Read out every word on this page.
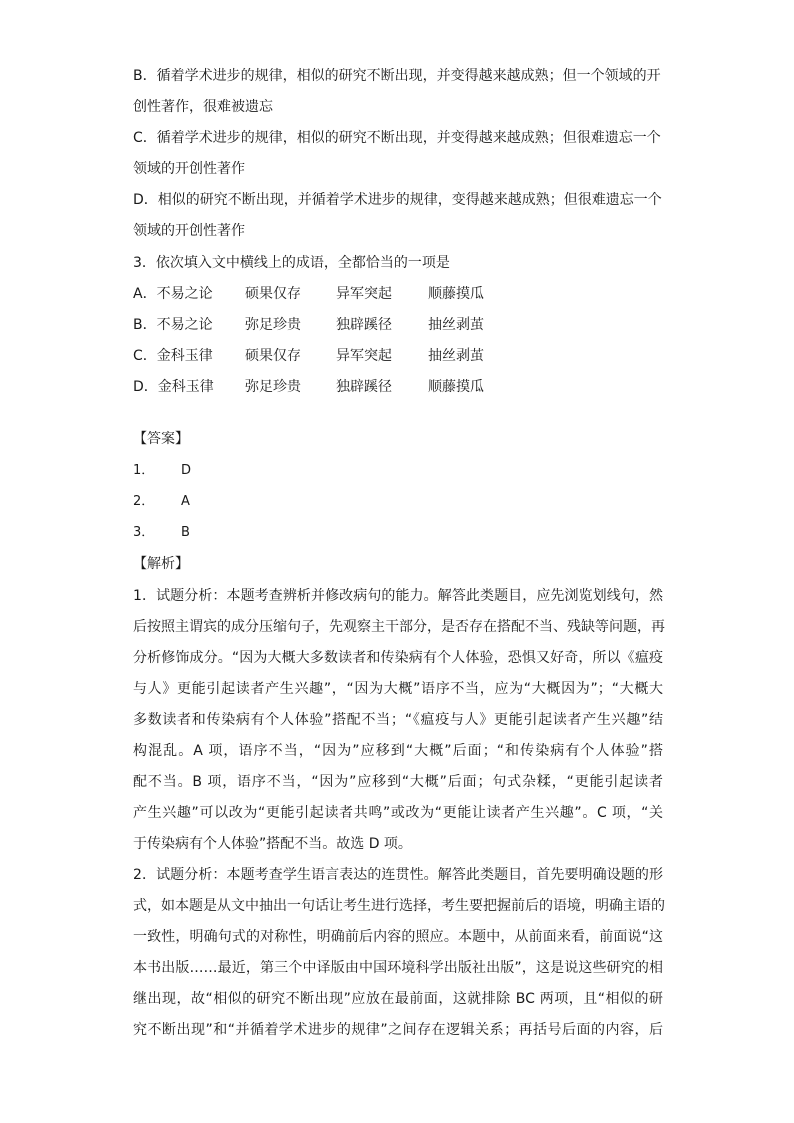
B．循着学术进步的规律，相似的研究不断出现，并变得越来越成熟；但一个领域的开
创性著作，很难被遗忘
C．循着学术进步的规律，相似的研究不断出现，并变得越来越成熟；但很难遗忘一个
领域的开创性著作
D．相似的研究不断出现，并循着学术进步的规律，变得越来越成熟；但很难遗忘一个
领域的开创性著作
3．依次填入文中横线上的成语，全都恰当的一项是
A．不易之论 硕果仅存	异军突起	顺藤摸瓜
B．不易之论 弥足珍贵	独辟蹊径	抽丝剥茧
C．金科玉律 硕果仅存	异军突起	抽丝剥茧
D．金科玉律 弥足珍贵	独辟蹊径	顺藤摸瓜
【答案】
1． D
2． A
3． B
【解析】
1．试题分析：本题考查辨析并修改病句的能力。解答此类题目，应先浏览划线句，然
后按照主谓宾的成分压缩句子，先观察主干部分，是否存在搭配不当、残缺等问题，再
分析修饰成分。“因为大概大多数读者和传染病有个人体验，恐惧又好奇，所以《瘟疫
与人》更能引起读者产生兴趣”，“因为大概”语序不当，应为“大概因为”；“大概大
多数读者和传染病有个人体验”搭配不当；“《瘟疫与人》更能引起读者产生兴趣”结
构混乱。A 项，语序不当，“因为”应移到“大概”后面；“和传染病有个人体验”搭
配不当。B 项，语序不当，“因为”应移到“大概”后面；句式杂糅，“更能引起读者
产生兴趣”可以改为“更能引起读者共鸣”或改为“更能让读者产生兴趣”。C 项，“关
于传染病有个人体验”搭配不当。故选 D 项。
2．试题分析：本题考查学生语言表达的连贯性。解答此类题目，首先要明确设题的形
式，如本题是从文中抽出一句话让考生进行选择，考生要把握前后的语境，明确主语的
一致性，明确句式的对称性，明确前后内容的照应。本题中，从前面来看，前面说“这
本书出版……最近，第三个中译版由中国环境科学出版社出版”，这是说这些研究的相
继出现，故“相似的研究不断出现”应放在最前面，这就排除 BC 两项，且“相似的研
究不断出现”和“并循着学术进步的规律”之间存在逻辑关系；再括号后面的内容，后
